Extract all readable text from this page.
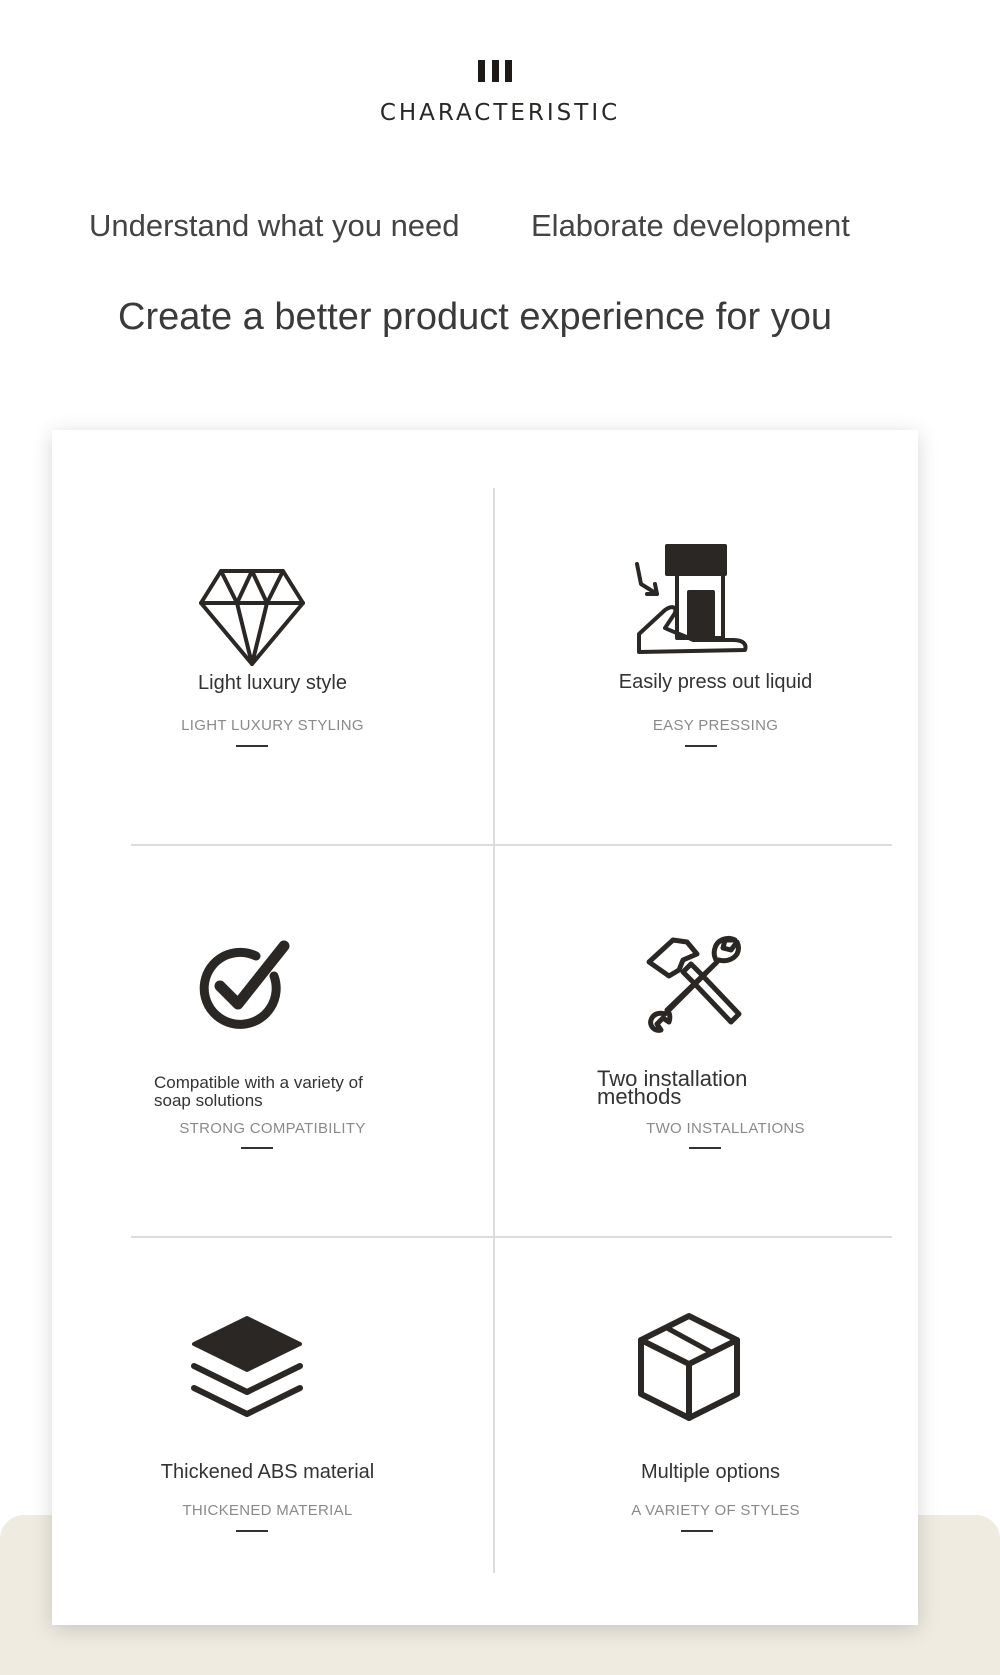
CHARACTERISTIC
Understand what you need Elaborate development
Create a better product experience for you
Light luxury style
LIGHT LUXURY STYLING
Easily press out liquid
EASY PRESSING
Compatible with a variety of soap solutions
STRONG COMPATIBILITY
Two installation methods
TWO INSTALLATIONS
Thickened ABS material
THICKENED MATERIAL
Multiple options
A VARIETY OF STYLES
